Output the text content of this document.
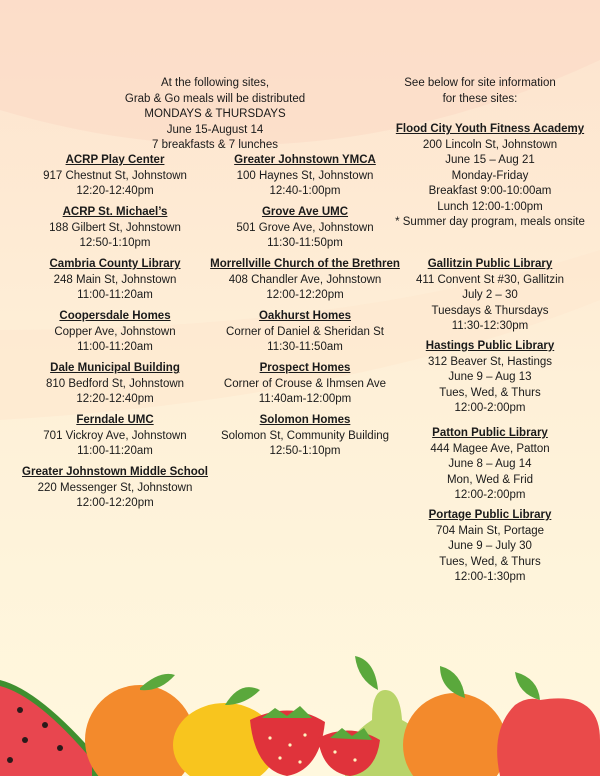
At the following sites,
Grab & Go meals will be distributed
MONDAYS & THURSDAYS
June 15-August 14
7 breakfasts & 7 lunches
See below for site information
for these sites:
ACRP Play Center
917 Chestnut St, Johnstown
12:20-12:40pm
ACRP St. Michael’s
188 Gilbert St, Johnstown
12:50-1:10pm
Cambria County Library
248 Main St, Johnstown
11:00-11:20am
Coopersdale Homes
Copper Ave, Johnstown
11:00-11:20am
Dale Municipal Building
810 Bedford St, Johnstown
12:20-12:40pm
Ferndale UMC
701 Vickroy Ave, Johnstown
11:00-11:20am
Greater Johnstown Middle School
220 Messenger St, Johnstown
12:00-12:20pm
Greater Johnstown YMCA
100 Haynes St, Johnstown
12:40-1:00pm
Grove Ave UMC
501 Grove Ave, Johnstown
11:30-11:50pm
Morrellville Church of the Brethren
408 Chandler Ave, Johnstown
12:00-12:20pm
Oakhurst Homes
Corner of Daniel & Sheridan St
11:30-11:50am
Prospect Homes
Corner of Crouse & Ihmsen Ave
11:40am-12:00pm
Solomon Homes
Solomon St, Community Building
12:50-1:10pm
Flood City Youth Fitness Academy
200 Lincoln St, Johnstown
June 15 – Aug 21
Monday-Friday
Breakfast 9:00-10:00am
Lunch 12:00-1:00pm
* Summer day program, meals onsite
Gallitzin Public Library
411 Convent St #30, Gallitzin
July 2 – 30
Tuesdays & Thursdays
11:30-12:30pm
Hastings Public Library
312 Beaver St, Hastings
June 9 – Aug 13
Tues, Wed, & Thurs
12:00-2:00pm
Patton Public Library
444 Magee Ave, Patton
June 8 – Aug 14
Mon, Wed & Frid
12:00-2:00pm
Portage Public Library
704 Main St, Portage
June 9 – July 30
Tues, Wed, & Thurs
12:00-1:30pm
